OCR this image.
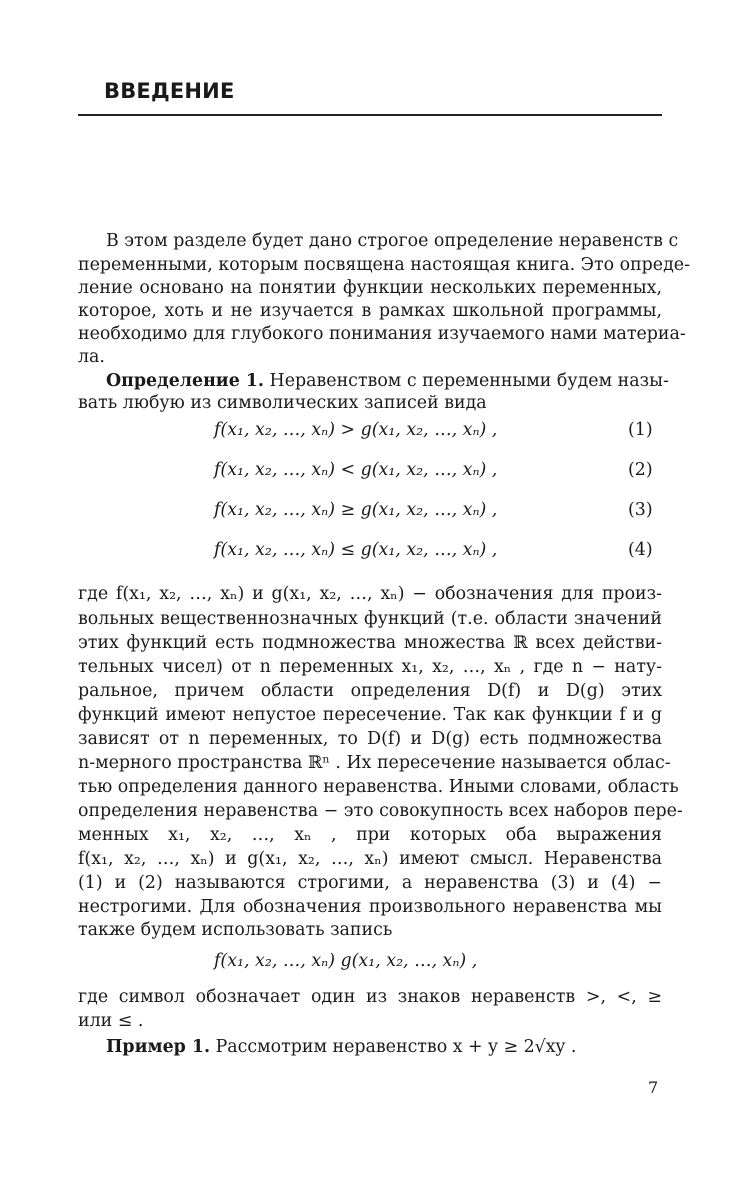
ВВЕДЕНИЕ
В этом разделе будет дано строгое определение неравенств с
переменными, которым посвящена настоящая книга. Это опреде-
ление основано на понятии функции нескольких переменных,
которое, хоть и не изучается в рамках школьной программы,
необходимо для глубокого понимания изучаемого нами материа-
ла.
Определение 1. Неравенством с переменными будем назы-
вать любую из символических записей вида
f(x₁, x₂, …, xₙ) > g(x₁, x₂, …, xₙ) ,	(1)
f(x₁, x₂, …, xₙ) < g(x₁, x₂, …, xₙ) ,	(2)
f(x₁, x₂, …, xₙ) ≥ g(x₁, x₂, …, xₙ) ,	(3)
f(x₁, x₂, …, xₙ) ≤ g(x₁, x₂, …, xₙ) ,	(4)
где f(x₁, x₂, …, xₙ) и g(x₁, x₂, …, xₙ) − обозначения для произ-
вольных вещественнозначных функций (т.е. области значений
этих функций есть подмножества множества ℝ всех действи-
тельных чисел) от n переменных x₁, x₂, …, xₙ , где n − нату-
ральное, причем области определения D(f) и D(g) этих
функций имеют непустое пересечение. Так как функции f и g
зависят от n переменных, то D(f) и D(g) есть подмножества
n-мерного пространства ℝⁿ . Их пересечение называется облас-
тью определения данного неравенства. Иными словами, область
определения неравенства − это совокупность всех наборов пере-
менных x₁, x₂, …, xₙ , при которых оба выражения
f(x₁, x₂, …, xₙ) и g(x₁, x₂, …, xₙ) имеют смысл. Неравенства
(1) и (2) называются строгими, а неравенства (3) и (4) −
нестрогими. Для обозначения произвольного неравенства мы
также будем использовать запись
f(x₁, x₂, …, xₙ) g(x₁, x₂, …, xₙ) ,
где символ обозначает один из знаков неравенств >, <, ≥
или ≤ .
Пример 1. Рассмотрим неравенство x + y ≥ 2√xy .
7
